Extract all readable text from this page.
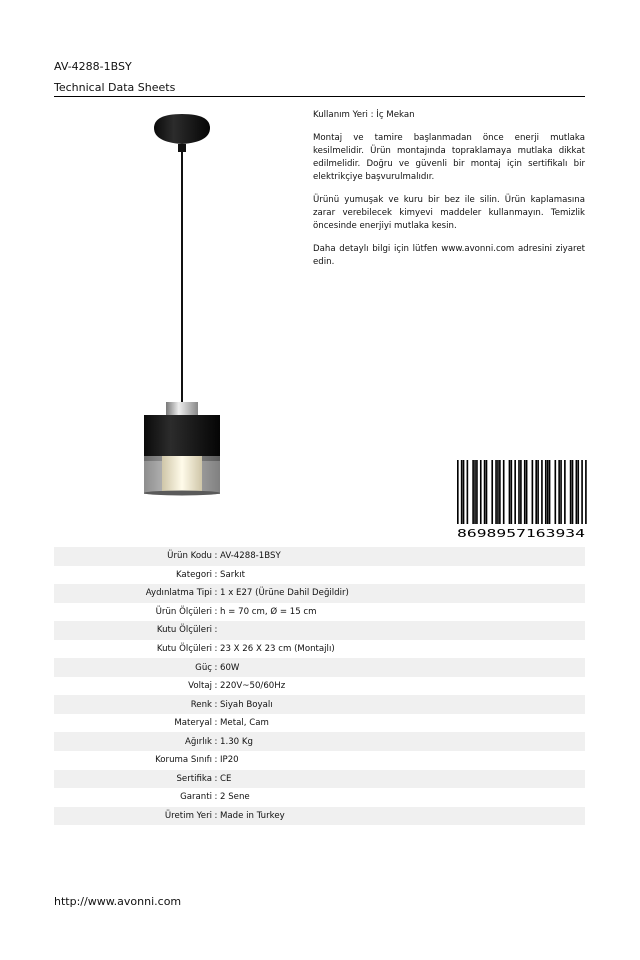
AV-4288-1BSY
Technical Data Sheets

Kullanım Yeri : İç Mekan

Montaj ve tamire başlanmadan önce enerji mutlaka kesilmelidir. Ürün montajında topraklamaya mutlaka dikkat edilmelidir. Doğru ve güvenli bir montaj için sertifikalı bir elektrikçiye başvurulmalıdır.

Ürünü yumuşak ve kuru bir bez ile silin. Ürün kaplamasına zarar verebilecek kimyevi maddeler kullanmayın. Temizlik öncesinde enerjiyi mutlaka kesin.

Daha detaylı bilgi için lütfen www.avonni.com adresini ziyaret edin.

8698957163934
Ürün Kodu	:	AV-4288-1BSY
Kategori	:	Sarkıt
Aydınlatma Tipi	:	1 x E27 (Ürüne Dahil Değildir)
Ürün Ölçüleri	:	h = 70 cm, Ø = 15 cm
Kutu Ölçüleri	:	
Kutu Ölçüleri	:	23 X 26 X 23 cm (Montajlı)
Güç	:	60W
Voltaj	:	220V~50/60Hz
Renk	:	Siyah Boyalı
Materyal	:	Metal, Cam
Ağırlık	:	1.30 Kg
Koruma Sınıfı	:	IP20
Sertifika	:	CE
Garanti	:	2 Sene
Üretim Yeri	:	Made in Turkey
http://www.avonni.com
